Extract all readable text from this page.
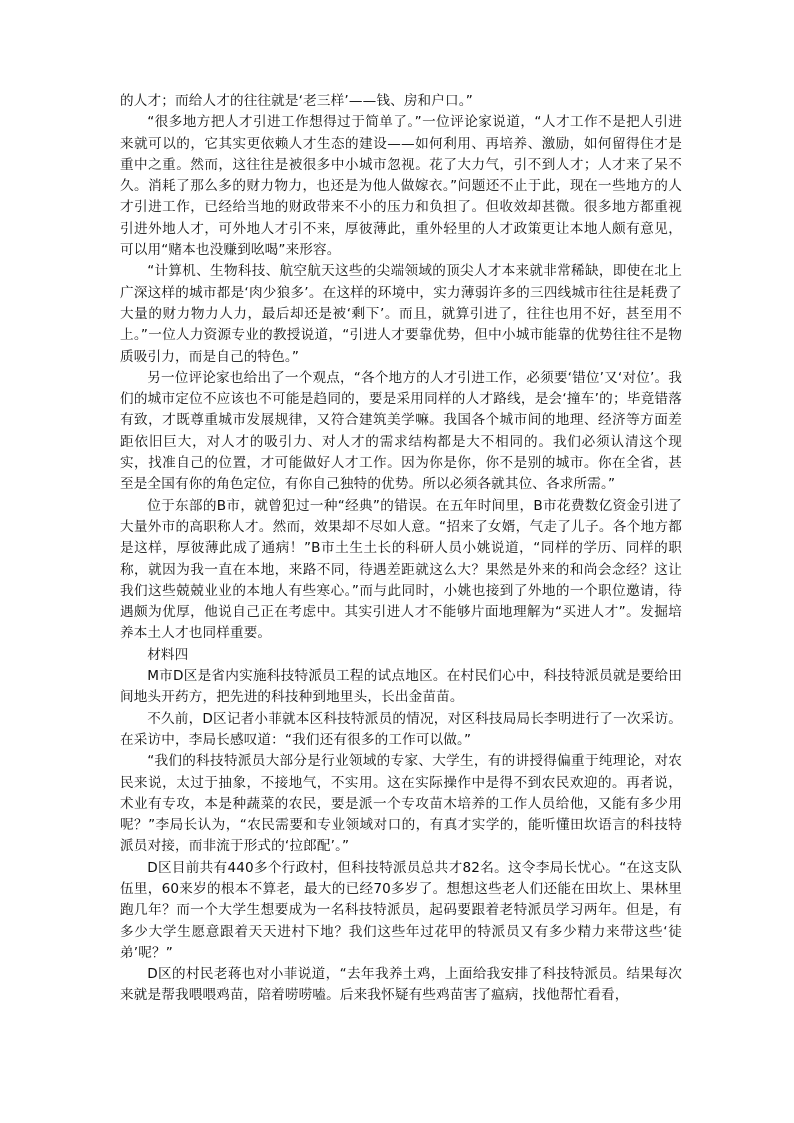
的人才；而给人才的往往就是‘老三样’——钱、房和户口。”

“很多地方把人才引进工作想得过于简单了。”一位评论家说道，“人才工作不是把人引进来就可以的，它其实更依赖人才生态的建设——如何利用、再培养、激励，如何留得住才是重中之重。然而，这往往是被很多中小城市忽视。花了大力气，引不到人才；人才来了呆不久。消耗了那么多的财力物力，也还是为他人做嫁衣。”问题还不止于此，现在一些地方的人才引进工作，已经给当地的财政带来不小的压力和负担了。但收效却甚微。很多地方都重视引进外地人才，可外地人才引不来，厚彼薄此，重外轻里的人才政策更让本地人颇有意见，可以用“赌本也没赚到吆喝”来形容。

“计算机、生物科技、航空航天这些的尖端领域的顶尖人才本来就非常稀缺，即使在北上广深这样的城市都是‘肉少狼多’。在这样的环境中，实力薄弱许多的三四线城市往往是耗费了大量的财力物力人力，最后却还是被‘剩下’。而且，就算引进了，往往也用不好，甚至用不上。”一位人力资源专业的教授说道，“引进人才要靠优势，但中小城市能靠的优势往往不是物质吸引力，而是自己的特色。”

另一位评论家也给出了一个观点，“各个地方的人才引进工作，必须要‘错位’又‘对位’。我们的城市定位不应该也不可能是趋同的，要是采用同样的人才路线，是会‘撞车’的；毕竟错落有致，才既尊重城市发展规律，又符合建筑美学嘛。我国各个城市间的地理、经济等方面差距依旧巨大，对人才的吸引力、对人才的需求结构都是大不相同的。我们必须认清这个现实，找准自己的位置，才可能做好人才工作。因为你是你，你不是别的城市。你在全省，甚至是全国有你的角色定位，有你自己独特的优势。所以必须各就其位、各求所需。”

位于东部的B市，就曾犯过一种“经典”的错误。在五年时间里，B市花费数亿资金引进了大量外市的高职称人才。然而，效果却不尽如人意。“招来了女婿，气走了儿子。各个地方都是这样，厚彼薄此成了通病！”B市土生土长的科研人员小姚说道，“同样的学历、同样的职称，就因为我一直在本地，来路不同，待遇差距就这么大？果然是外来的和尚会念经？这让我们这些兢兢业业的本地人有些寒心。”而与此同时，小姚也接到了外地的一个职位邀请，待遇颇为优厚，他说自己正在考虑中。其实引进人才不能够片面地理解为“买进人才”。发掘培养本土人才也同样重要。

材料四

M市D区是省内实施科技特派员工程的试点地区。在村民们心中，科技特派员就是要给田间地头开药方，把先进的科技种到地里头，长出金苗苗。

不久前，D区记者小菲就本区科技特派员的情况，对区科技局局长李明进行了一次采访。在采访中，李局长感叹道：“我们还有很多的工作可以做。”

“我们的科技特派员大部分是行业领域的专家、大学生，有的讲授得偏重于纯理论，对农民来说，太过于抽象，不接地气，不实用。这在实际操作中是得不到农民欢迎的。再者说，术业有专攻，本是种蔬菜的农民，要是派一个专攻苗木培养的工作人员给他，又能有多少用呢？”李局长认为，“农民需要和专业领域对口的，有真才实学的，能听懂田坎语言的科技特派员对接，而非流于形式的‘拉郎配’。”

D区目前共有440多个行政村，但科技特派员总共才82名。这令李局长忧心。“在这支队伍里，60来岁的根本不算老，最大的已经70多岁了。想想这些老人们还能在田坎上、果林里跑几年？而一个大学生想要成为一名科技特派员，起码要跟着老特派员学习两年。但是，有多少大学生愿意跟着天天进村下地？我们这些年过花甲的特派员又有多少精力来带这些‘徒弟’呢？”

D区的村民老蒋也对小菲说道，“去年我养土鸡，上面给我安排了科技特派员。结果每次来就是帮我喂喂鸡苗，陪着唠唠嗑。后来我怀疑有些鸡苗害了瘟病，找他帮忙看看，
